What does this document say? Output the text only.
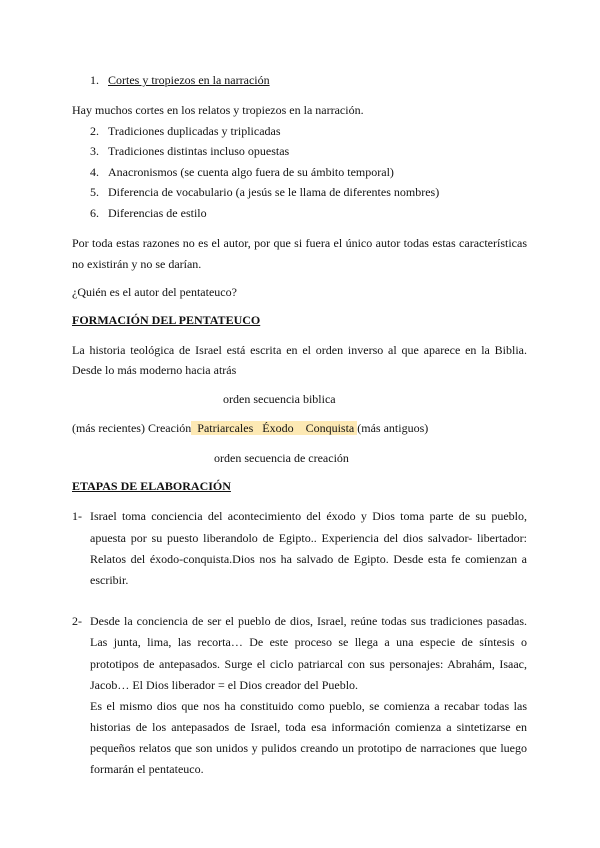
1. Cortes y tropiezos en la narración
Hay muchos cortes en los relatos y tropiezos en la narración.
2. Tradiciones duplicadas y triplicadas
3. Tradiciones distintas incluso opuestas
4. Anacronismos (se cuenta algo fuera de su ámbito temporal)
5. Diferencia de vocabulario (a jesús se le llama de diferentes nombres)
6. Diferencias de estilo
Por toda estas razones no es el autor, por que si fuera el único autor todas estas características
no existirán y no se darían.
¿Quién es el autor del pentateuco?
FORMACIÓN DEL PENTATEUCO
La historia teológica de Israel está escrita en el orden inverso al que aparece en la Biblia.
Desde lo más moderno hacia atrás
orden secuencia biblica
(más recientes) Creación  Patriarcales   Éxodo    Conquista (más antiguos)
orden secuencia de creación
ETAPAS DE ELABORACIÓN
1- Israel toma conciencia del acontecimiento del éxodo y Dios toma parte de su pueblo,
apuesta por su puesto liberandolo de Egipto.. Experiencia del dios salvador- libertador:
Relatos del éxodo-conquista.Dios nos ha salvado de Egipto. Desde esta fe comienzan a
escribir.
2- Desde la conciencia de ser el pueblo de dios, Israel, reúne todas sus tradiciones pasadas.
Las junta, lima, las recorta… De este proceso se llega a una especie de síntesis o
prototipos de antepasados. Surge el ciclo patriarcal con sus personajes: Abrahám, Isaac,
Jacob… El Dios liberador = el Dios creador del Pueblo.
Es el mismo dios que nos ha constituido como pueblo, se comienza a recabar todas las
historias de los antepasados de Israel, toda esa información comienza a sintetizarse en
pequeños relatos que son unidos y pulidos creando un prototipo de narraciones que luego
formarán el pentateuco.
